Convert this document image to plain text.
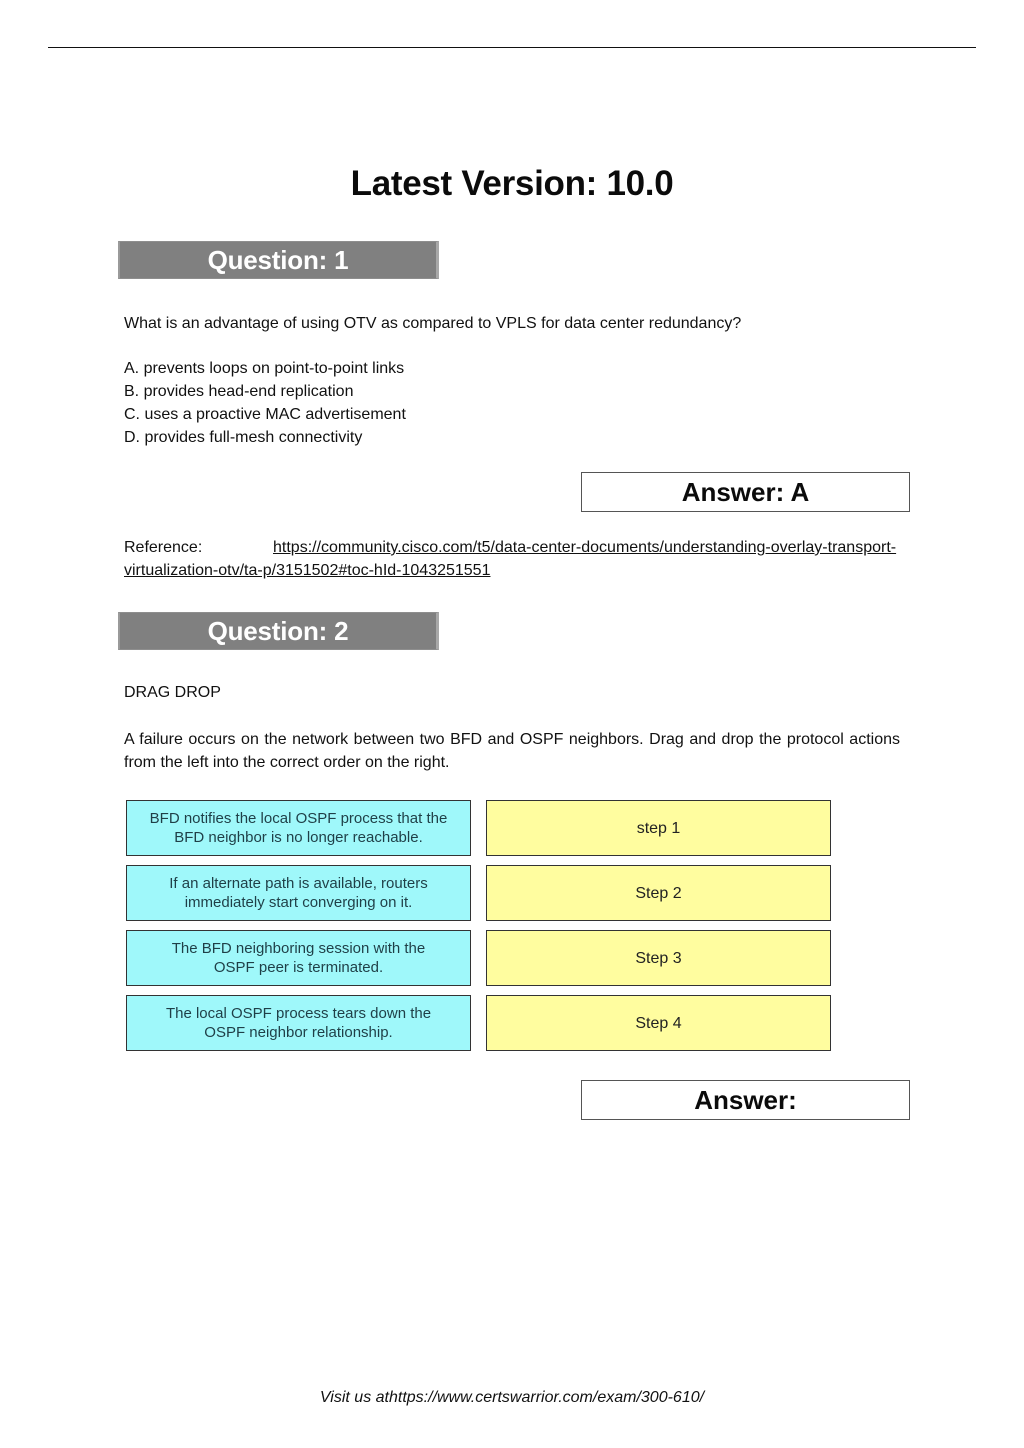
Latest Version: 10.0
Question: 1

What is an advantage of using OTV as compared to VPLS for data center redundancy?

A. prevents loops on point-to-point links
B. provides head-end replication
C. uses a proactive MAC advertisement
D. provides full-mesh connectivity
Answer: A

Reference:	https://community.cisco.com/t5/data-center-documents/understanding-overlay-transport- virtualization-otv/ta-p/3151502#toc-hId-1043251551

Question: 2

DRAG DROP

A failure occurs on the network between two BFD and OSPF neighbors. Drag and drop the protocol actions from the left into the correct order on the right.

BFD notifies the local OSPF process that the BFD neighbor is no longer reachable.
If an alternate path is available, routers immediately start converging on it.
The BFD neighboring session with the OSPF peer is terminated.
The local OSPF process tears down the OSPF neighbor relationship.
step 1
Step 2
Step 3
Step 4
Answer:
Visit us athttps://www.certswarrior.com/exam/300-610/
